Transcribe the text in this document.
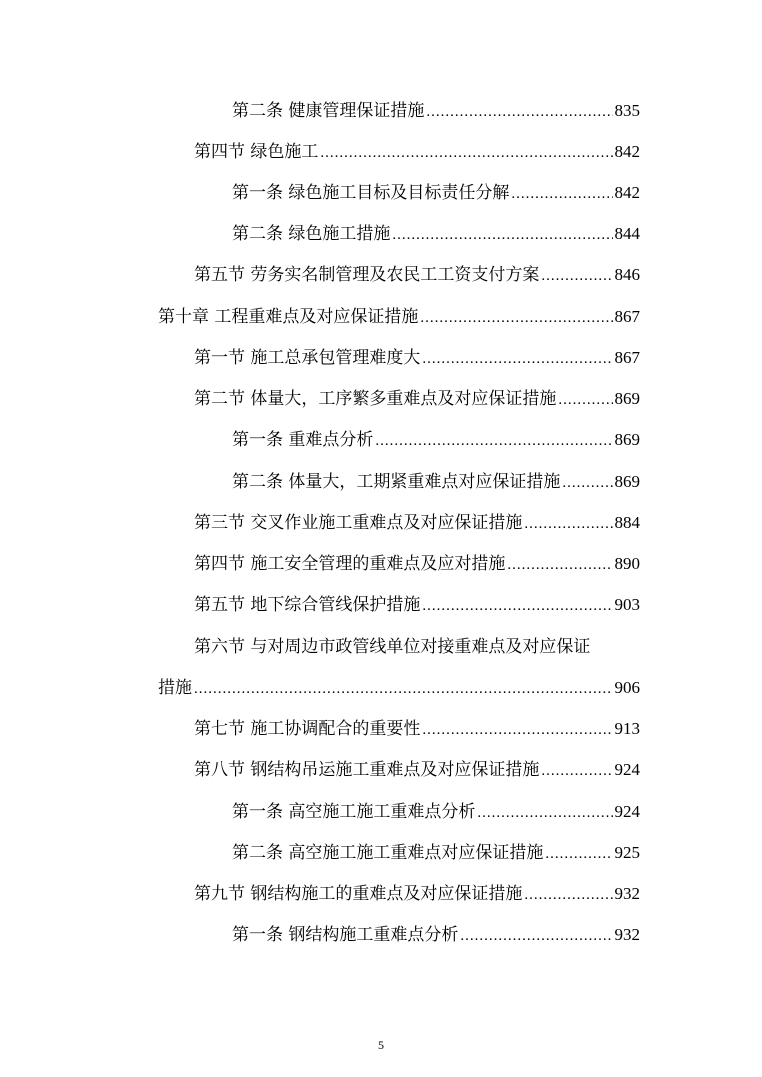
第二条 健康管理保证措施 .....	835
第四节 绿色施工 .....	842
第一条 绿色施工目标及目标责任分解 .....	842
第二条 绿色施工措施 .....	844
第五节 劳务实名制管理及农民工工资支付方案 .....	846
第十章 工程重难点及对应保证措施 .....	867
第一节 施工总承包管理难度大 .....	867
第二节 体量大，工序繁多重难点及对应保证措施 .....	869
第一条 重难点分析 .....	869
第二条 体量大，工期紧重难点对应保证措施 .....	869
第三节 交叉作业施工重难点及对应保证措施 .....	884
第四节 施工安全管理的重难点及应对措施 .....	890
第五节 地下综合管线保护措施 .....	903
第六节 与对周边市政管线单位对接重难点及对应保证
措施 .....	906
第七节 施工协调配合的重要性 .....	913
第八节 钢结构吊运施工重难点及对应保证措施 .....	924
第一条 高空施工施工重难点分析 .....	924
第二条 高空施工施工重难点对应保证措施 .....	925
第九节 钢结构施工的重难点及对应保证措施 .....	932
第一条 钢结构施工重难点分析 .....	932
5
